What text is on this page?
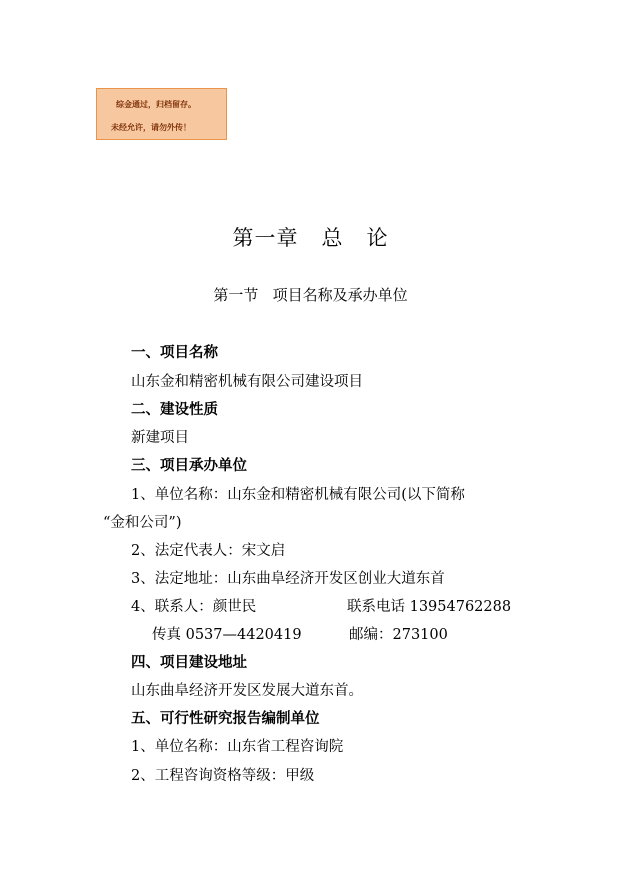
综金通过，归档留存。
未经允许，请勿外传！
第一章   总   论
第一节   项目名称及承办单位
一、项目名称
山东金和精密机械有限公司建设项目
二、建设性质
新建项目
三、项目承办单位
1、单位名称：山东金和精密机械有限公司(以下简称
“金和公司”)
2、法定代表人：宋文启
3、法定地址：山东曲阜经济开发区创业大道东首
4、联系人：颜世民	联系电话 13954762288
传真 0537—4420419	邮编：273100
四、项目建设地址
山东曲阜经济开发区发展大道东首。
五、可行性研究报告编制单位
1、单位名称：山东省工程咨询院
2、工程咨询资格等级：甲级
